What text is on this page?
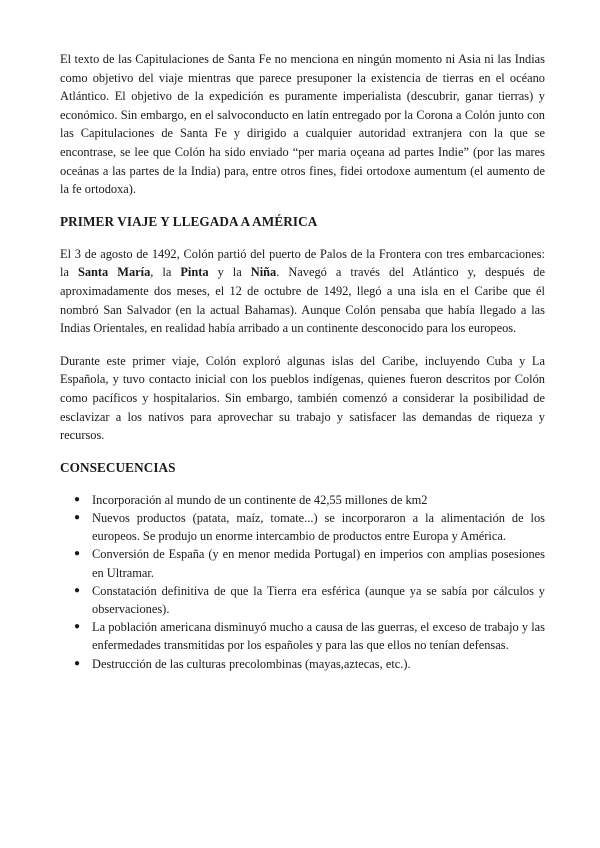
El texto de las Capitulaciones de Santa Fe no menciona en ningún momento ni Asia ni las Indias como objetivo del viaje mientras que parece presuponer la existencia de tierras en el océano Atlántico. El objetivo de la expedición es puramente imperialista (descubrir, ganar tierras) y económico. Sin embargo, en el salvoconducto en latín entregado por la Corona a Colón junto con las Capitulaciones de Santa Fe y dirigido a cualquier autoridad extranjera con la que se encontrase, se lee que Colón ha sido enviado “per maria oçeana ad partes Indie” (por las mares oceánas a las partes de la India) para, entre otros fines, fidei ortodoxe aumentum (el aumento de la fe ortodoxa).

PRIMER VIAJE Y LLEGADA A AMÉRICA

El 3 de agosto de 1492, Colón partió del puerto de Palos de la Frontera con tres embarcaciones: la Santa María, la Pinta y la Niña. Navegó a través del Atlántico y, después de aproximadamente dos meses, el 12 de octubre de 1492, llegó a una isla en el Caribe que él nombró San Salvador (en la actual Bahamas). Aunque Colón pensaba que había llegado a las Indias Orientales, en realidad había arribado a un continente desconocido para los europeos.

Durante este primer viaje, Colón exploró algunas islas del Caribe, incluyendo Cuba y La Española, y tuvo contacto inicial con los pueblos indígenas, quienes fueron descritos por Colón como pacíficos y hospitalarios. Sin embargo, también comenzó a considerar la posibilidad de esclavizar a los nativos para aprovechar su trabajo y satisfacer las demandas de riqueza y recursos.

CONSECUENCIAS
● Incorporación al mundo de un continente de 42,55 millones de km2
● Nuevos productos (patata, maíz, tomate...) se incorporaron a la alimentación de los europeos. Se produjo un enorme intercambio de productos entre Europa y América.
● Conversión de España (y en menor medida Portugal) en imperios con amplias posesiones en Ultramar.
● Constatación definitiva de que la Tierra era esférica (aunque ya se sabía por cálculos y observaciones).
● La población americana disminuyó mucho a causa de las guerras, el exceso de trabajo y las enfermedades transmitidas por los españoles y para las que ellos no tenían defensas.
● Destrucción de las culturas precolombinas (mayas,aztecas, etc.).
